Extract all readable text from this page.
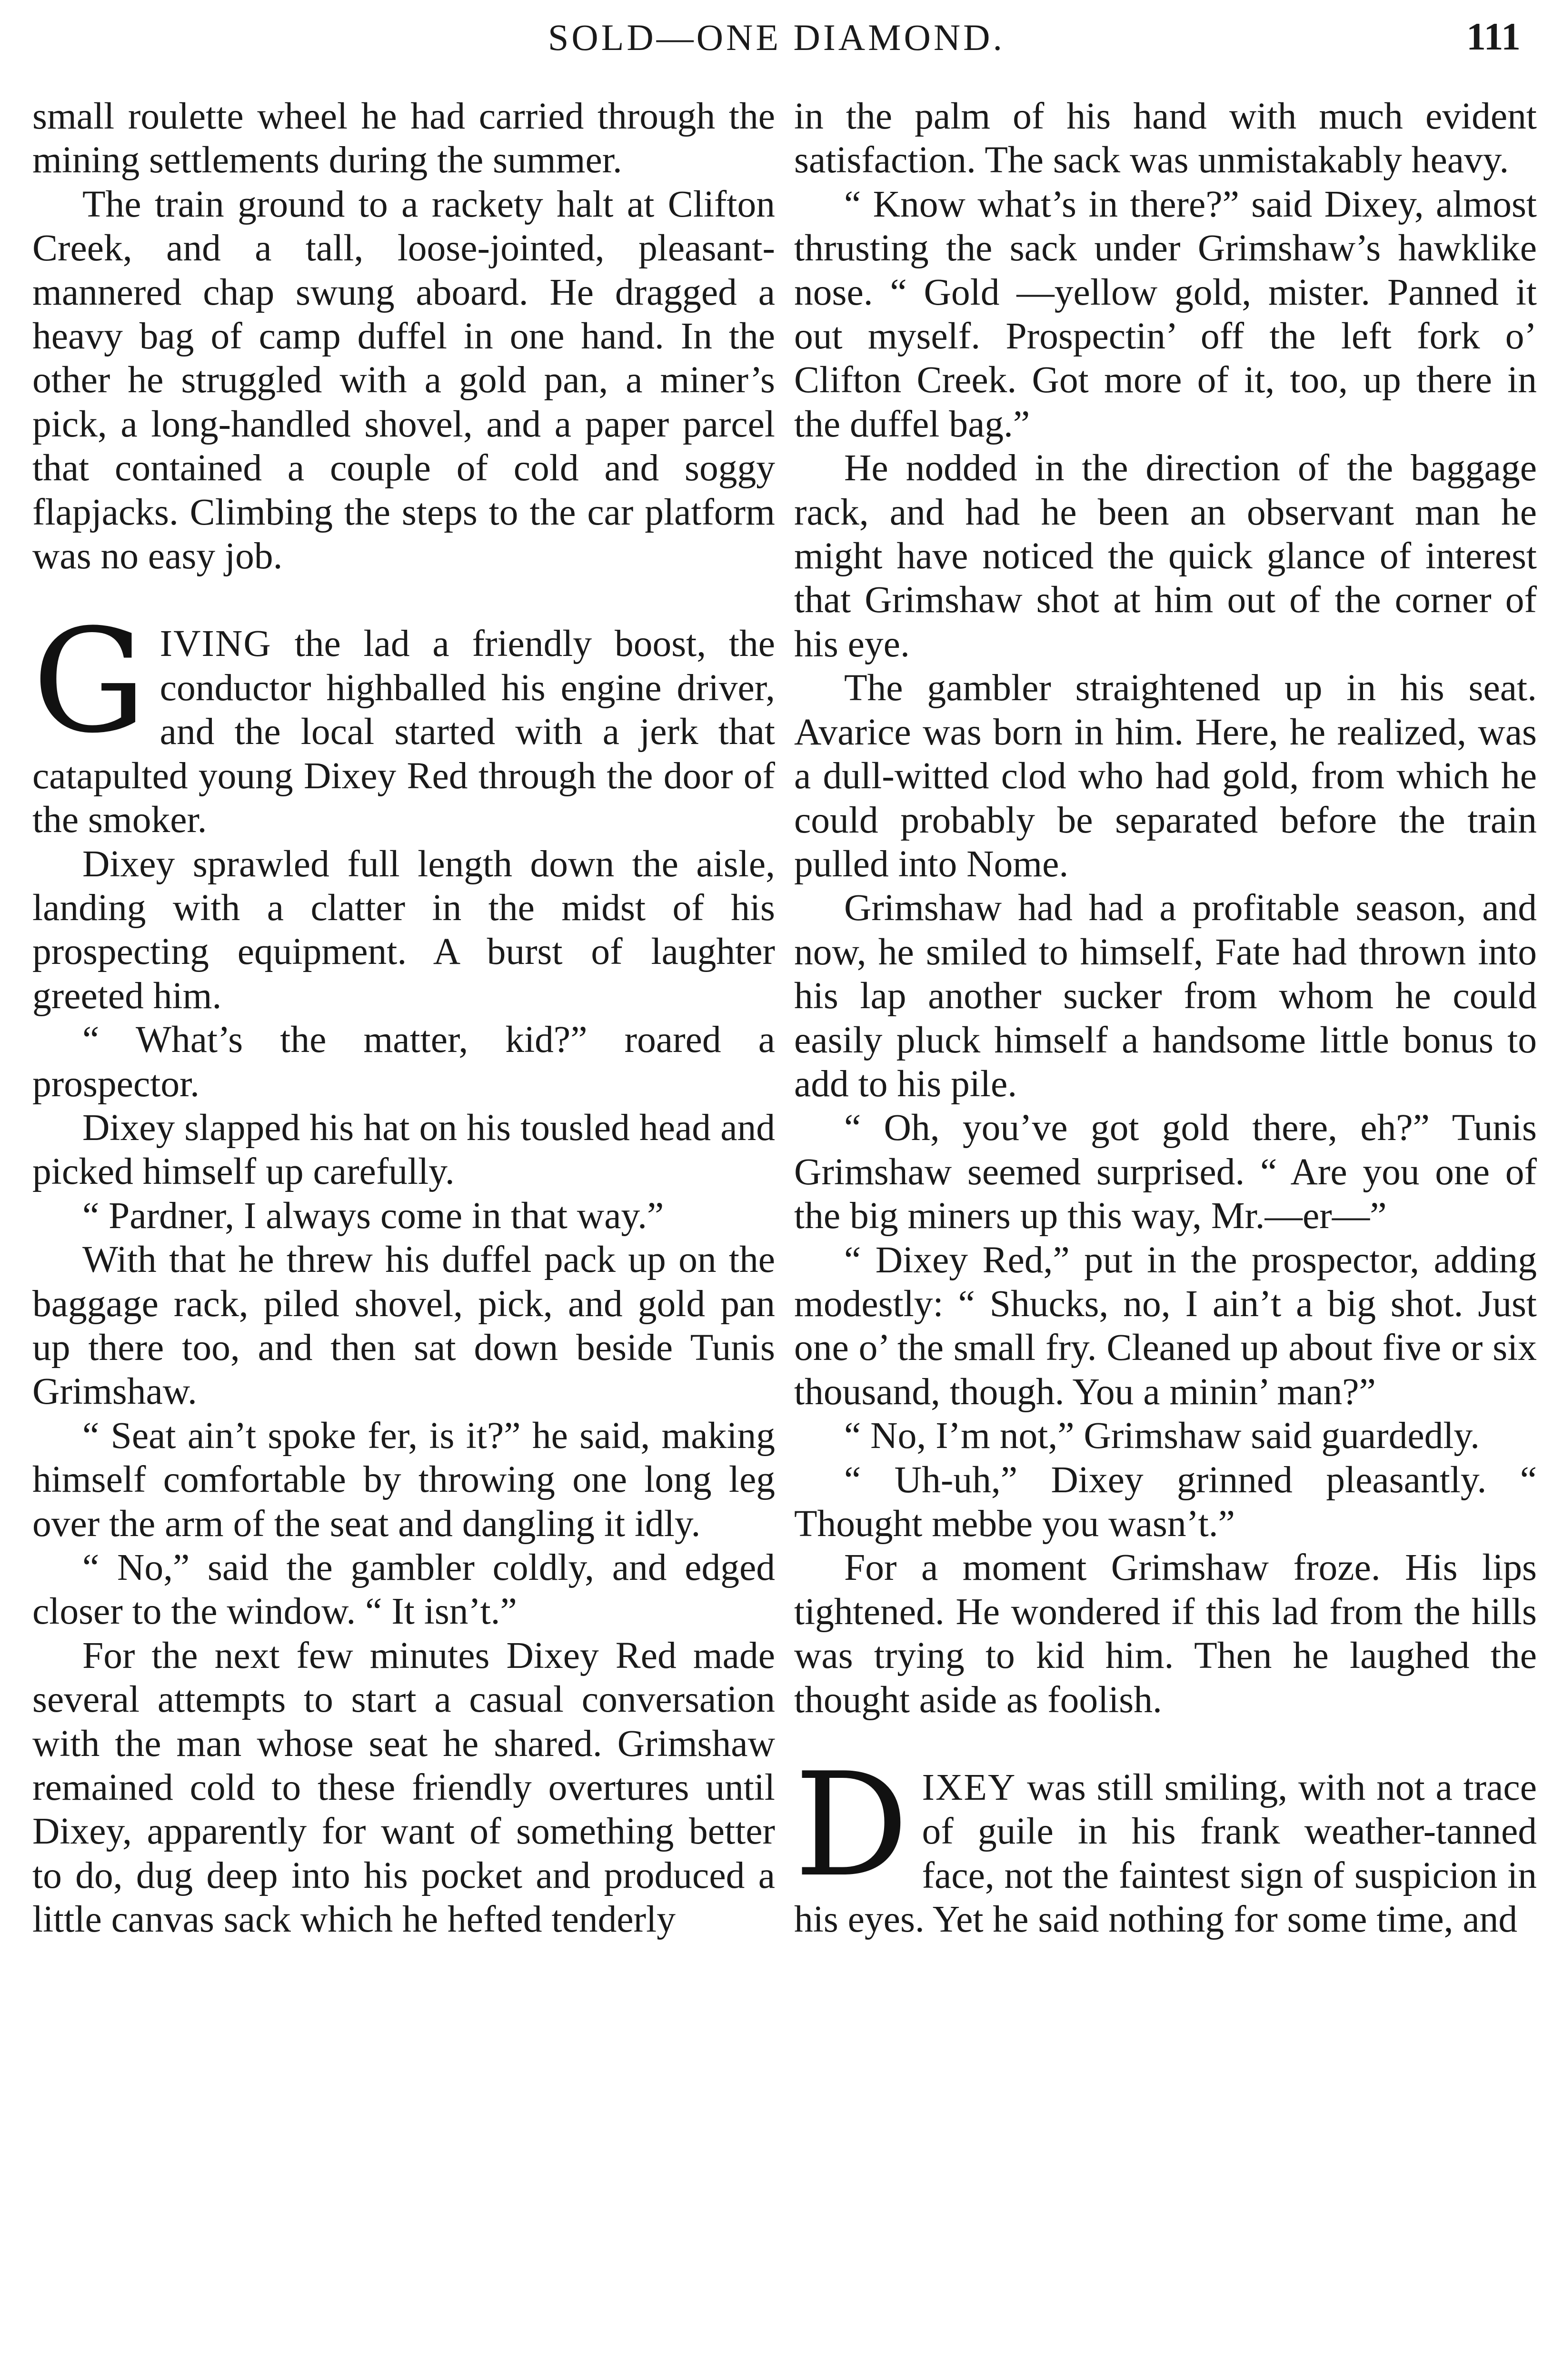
SOLD—ONE DIAMOND.	111

small roulette wheel he had carried through the mining settlements during the summer.

The train ground to a rackety halt at Clifton Creek, and a tall, loose-jointed, pleasant-mannered chap swung aboard. He dragged a heavy bag of camp duffel in one hand. In the other he struggled with a gold pan, a miner’s pick, a long-handled shovel, and a paper parcel that contained a couple of cold and soggy flapjacks. Climbing the steps to the car platform was no easy job.

GIVING the lad a friendly boost, the conductor highballed his engine driver, and the local started with a jerk that catapulted young Dixey Red through the door of the smoker.

Dixey sprawled full length down the aisle, landing with a clatter in the midst of his prospecting equipment. A burst of laughter greeted him.

“ What’s the matter, kid?” roared a prospector.

Dixey slapped his hat on his tousled head and picked himself up carefully.

“ Pardner, I always come in that way.”

With that he threw his duffel pack up on the baggage rack, piled shovel, pick, and gold pan up there too, and then sat down beside Tunis Grimshaw.

“ Seat ain’t spoke fer, is it?” he said, making himself comfortable by throwing one long leg over the arm of the seat and dangling it idly.

“ No,” said the gambler coldly, and edged closer to the window. “ It isn’t.”

For the next few minutes Dixey Red made several attempts to start a casual conversation with the man whose seat he shared. Grimshaw remained cold to these friendly overtures until Dixey, apparently for want of something better to do, dug deep into his pocket and produced a little canvas sack which he hefted tenderly

in the palm of his hand with much evident satisfaction. The sack was unmistakably heavy.

“ Know what’s in there?” said Dixey, almost thrusting the sack under Grimshaw’s hawklike nose. “ Gold —yellow gold, mister. Panned it out myself. Prospectin’ off the left fork o’ Clifton Creek. Got more of it, too, up there in the duffel bag.”

He nodded in the direction of the baggage rack, and had he been an observant man he might have noticed the quick glance of interest that Grimshaw shot at him out of the corner of his eye.

The gambler straightened up in his seat. Avarice was born in him. Here, he realized, was a dull-witted clod who had gold, from which he could probably be separated before the train pulled into Nome.

Grimshaw had had a profitable season, and now, he smiled to himself, Fate had thrown into his lap another sucker from whom he could easily pluck himself a handsome little bonus to add to his pile.

“ Oh, you’ve got gold there, eh?” Tunis Grimshaw seemed surprised. “ Are you one of the big miners up this way, Mr.—er—”

“ Dixey Red,” put in the prospector, adding modestly: “ Shucks, no, I ain’t a big shot. Just one o’ the small fry. Cleaned up about five or six thousand, though. You a minin’ man?”

“ No, I’m not,” Grimshaw said guardedly.

“ Uh-uh,” Dixey grinned pleasantly. “ Thought mebbe you wasn’t.”

For a moment Grimshaw froze. His lips tightened. He wondered if this lad from the hills was trying to kid him. Then he laughed the thought aside as foolish.

DIXEY was still smiling, with not a trace of guile in his frank weather-tanned face, not the faintest sign of suspicion in his eyes. Yet he said nothing for some time, and
